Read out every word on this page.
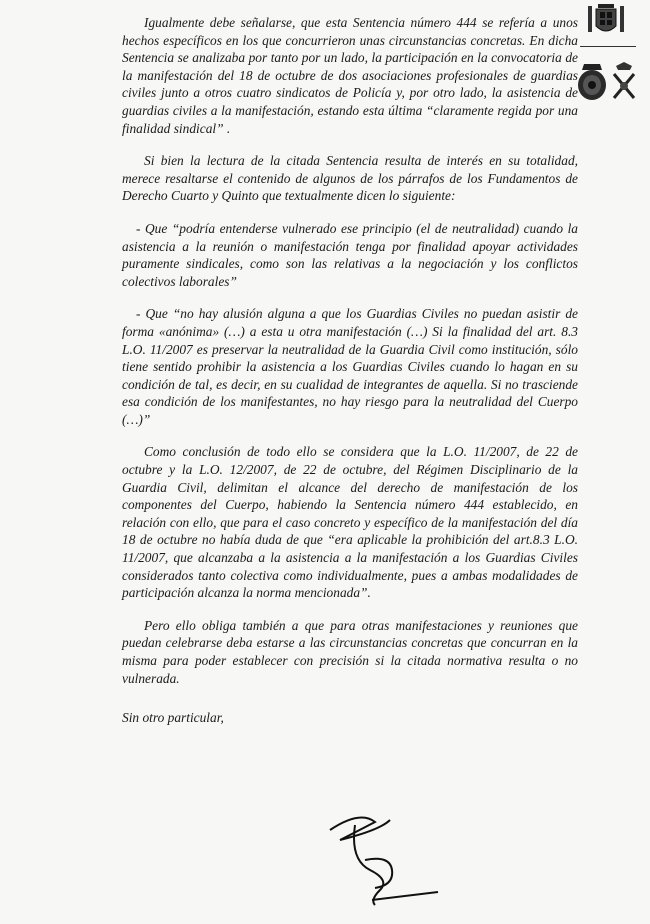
Igualmente debe señalarse, que esta Sentencia número 444 se refería a unos hechos específicos en los que concurrieron unas circunstancias concretas. En dicha Sentencia se analizaba por tanto por un lado, la participación en la convocatoria de la manifestación del 18 de octubre de dos asociaciones profesionales de guardias civiles junto a otros cuatro sindicatos de Policía y, por otro lado, la asistencia de guardias civiles a la manifestación, estando esta última “claramente regida por una finalidad sindical” .

Si bien la lectura de la citada Sentencia resulta de interés en su totalidad, merece resaltarse el contenido de algunos de los párrafos de los Fundamentos de Derecho Cuarto y Quinto que textualmente dicen lo siguiente:

- Que “podría entenderse vulnerado ese principio (el de neutralidad) cuando la asistencia a la reunión o manifestación tenga por finalidad apoyar actividades puramente sindicales, como son las relativas a la negociación y los conflictos colectivos laborales”

- Que “no hay alusión alguna a que los Guardias Civiles no puedan asistir de forma «anónima» (…) a esta u otra manifestación (…) Si la finalidad del art. 8.3 L.O. 11/2007 es preservar la neutralidad de la Guardia Civil como institución, sólo tiene sentido prohibir la asistencia a los Guardias Civiles cuando lo hagan en su condición de tal, es decir, en su cualidad de integrantes de aquella. Si no trasciende esa condición de los manifestantes, no hay riesgo para la neutralidad del Cuerpo (…)”

Como conclusión de todo ello se considera que la L.O. 11/2007, de 22 de octubre y la L.O. 12/2007, de 22 de octubre, del Régimen Disciplinario de la Guardia Civil, delimitan el alcance del derecho de manifestación de los componentes del Cuerpo, habiendo la Sentencia número 444 establecido, en relación con ello, que para el caso concreto y específico de la manifestación del día 18 de octubre no había duda de que “era aplicable la prohibición del art.8.3 L.O. 11/2007, que alcanzaba a la asistencia a la manifestación a los Guardias Civiles considerados tanto colectiva como individualmente, pues a ambas modalidades de participación alcanza la norma mencionada”.

Pero ello obliga también a que para otras manifestaciones y reuniones que puedan celebrarse deba estarse a las circunstancias concretas que concurran en la misma para poder establecer con precisión si la citada normativa resulta o no vulnerada.

Sin otro particular,
